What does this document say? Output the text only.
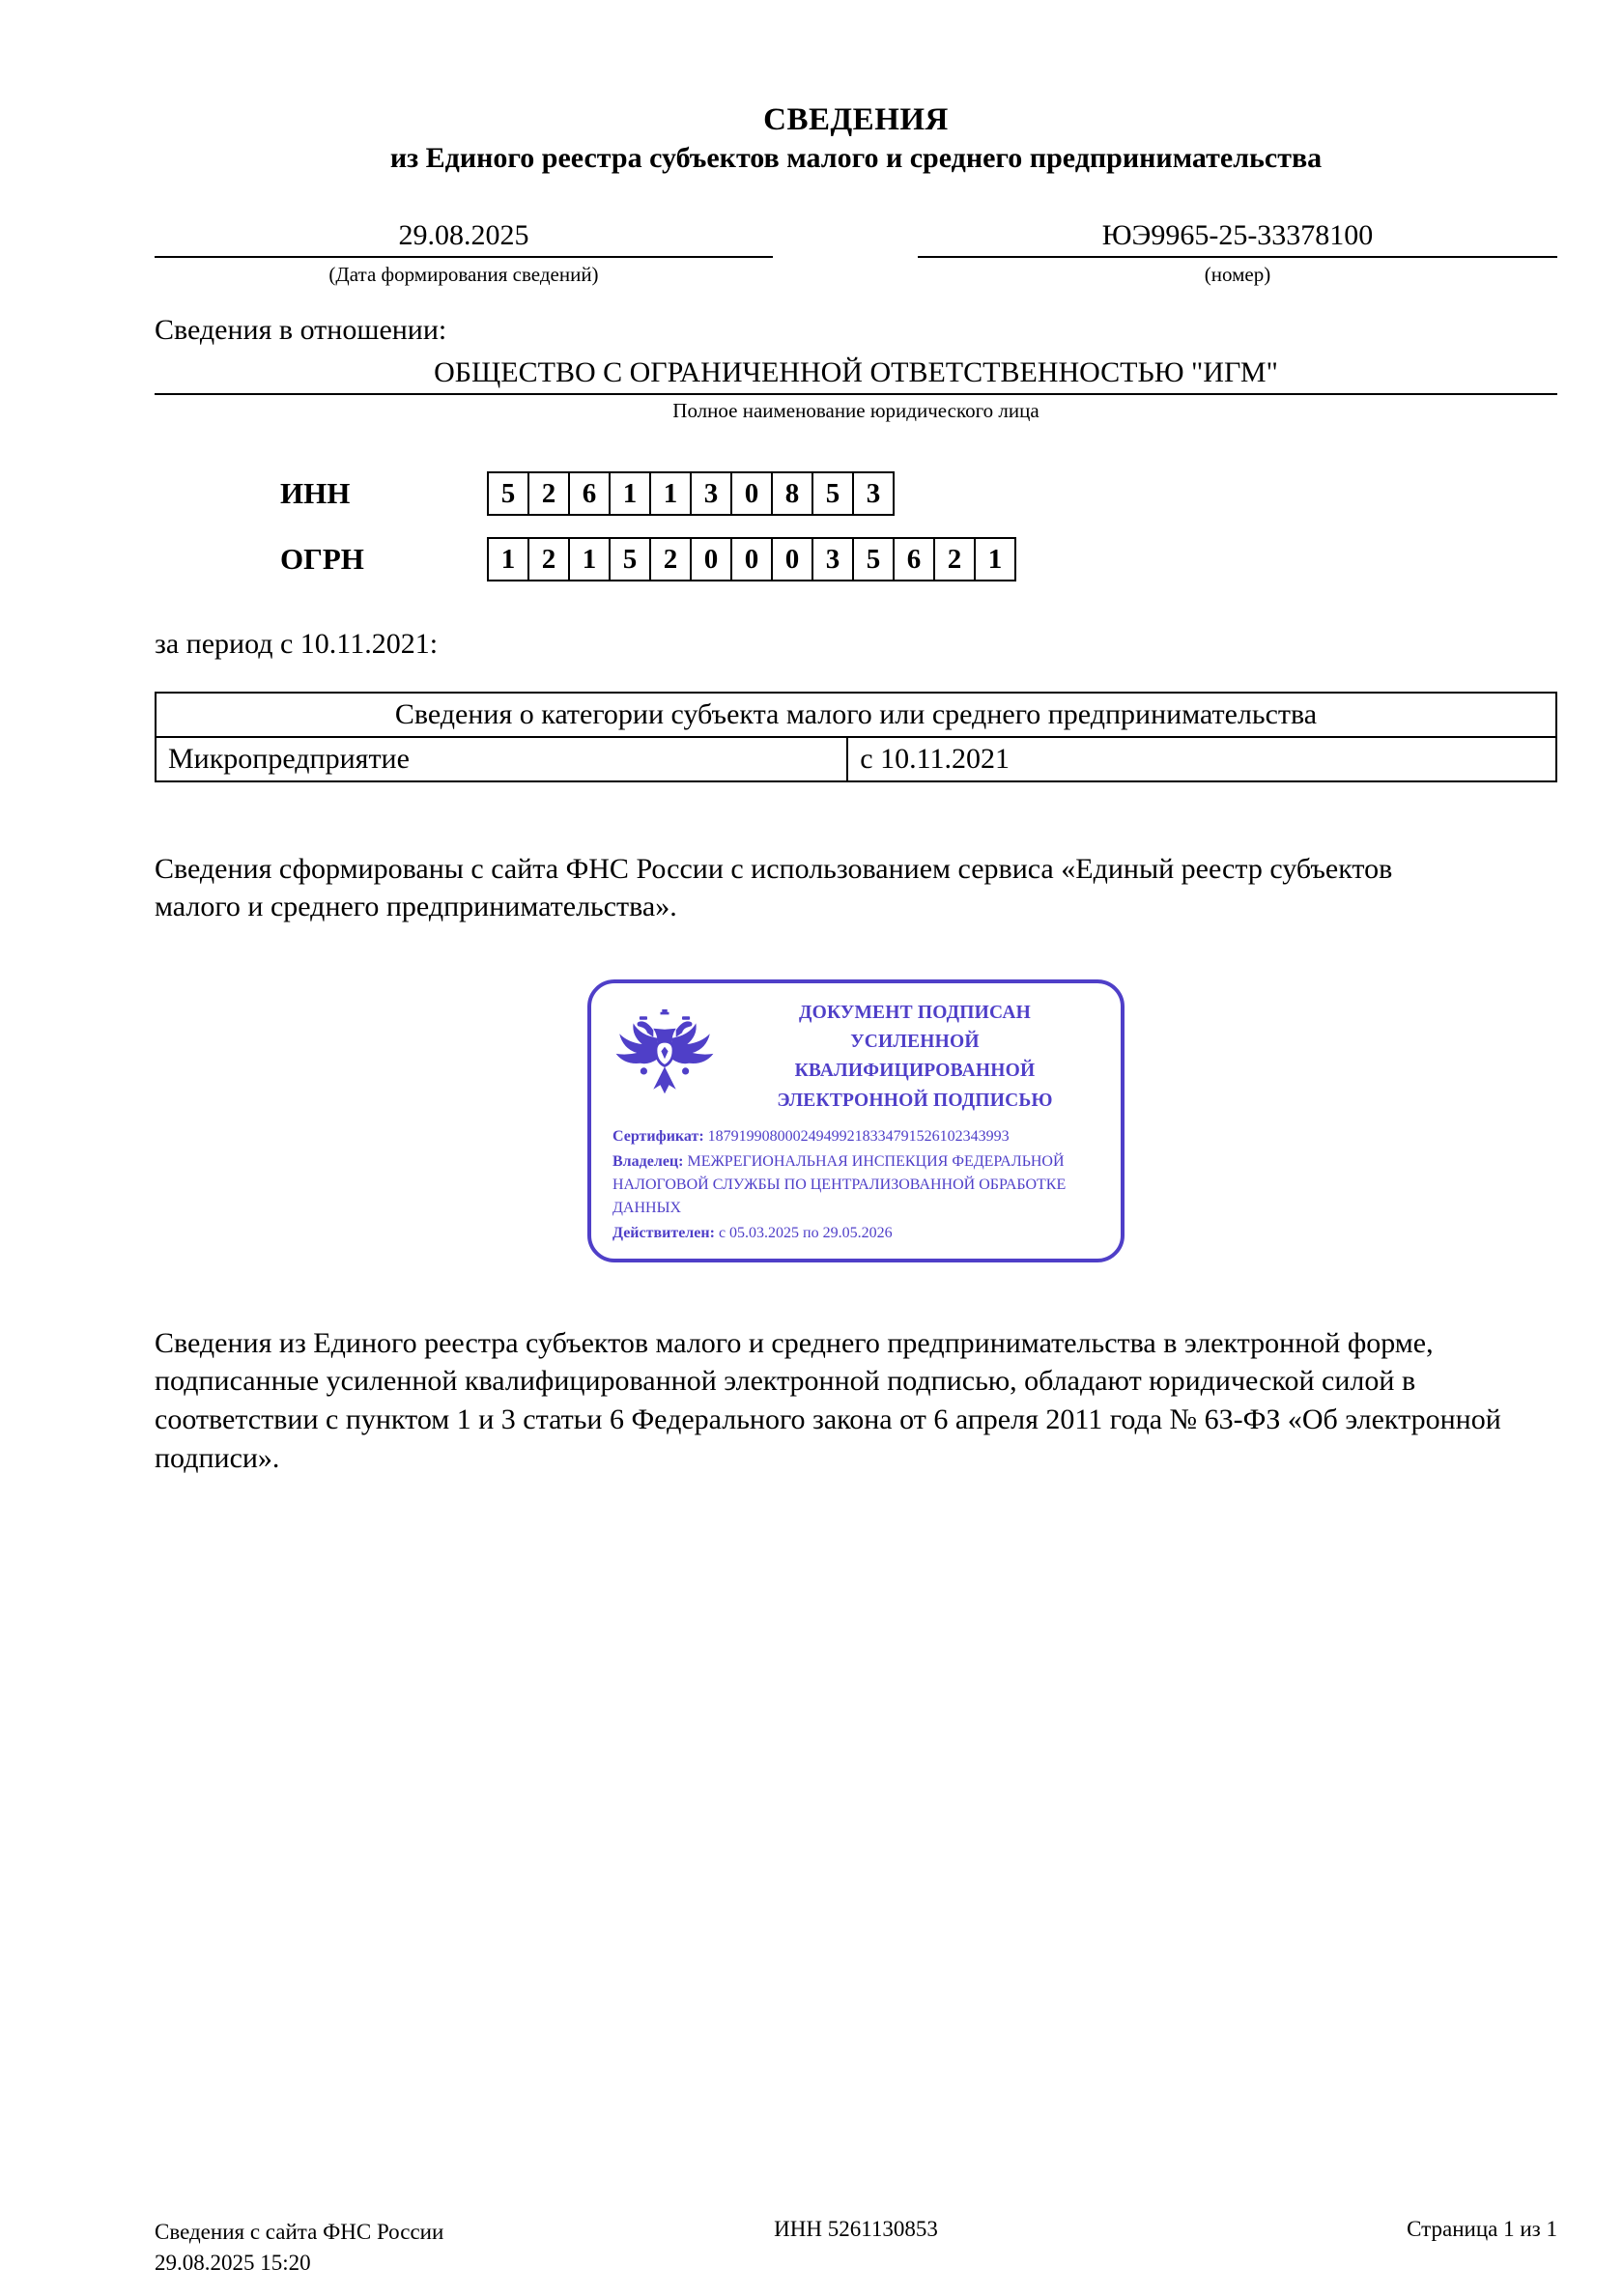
СВЕДЕНИЯ
из Единого реестра субъектов малого и среднего предпринимательства
29.08.2025
(Дата формирования сведений)
ЮЭ9965-25-33378100
(номер)
Сведения в отношении:
ОБЩЕСТВО С ОГРАНИЧЕННОЙ ОТВЕТСТВЕННОСТЬЮ "ИГМ"
Полное наименование юридического лица
ИНН	5 2 6 1 1 3 0 8 5 3
ОГРН	1 2 1 5 2 0 0 0 3 5 6 2 1
за период с 10.11.2021:
Сведения о категории субъекта малого или среднего предпринимательства
Микропредприятие	с 10.11.2021
Сведения сформированы с сайта ФНС России с использованием сервиса «Единый реестр субъектов малого и среднего предпринимательства».
ДОКУМЕНТ ПОДПИСАН
УСИЛЕННОЙ КВАЛИФИЦИРОВАННОЙ
ЭЛЕКТРОННОЙ ПОДПИСЬЮ
Сертификат: 187919908000249499218334791526102343993
Владелец: МЕЖРЕГИОНАЛЬНАЯ ИНСПЕКЦИЯ ФЕДЕРАЛЬНОЙ НАЛОГОВОЙ СЛУЖБЫ ПО ЦЕНТРАЛИЗОВАННОЙ ОБРАБОТКЕ ДАННЫХ
Действителен: с 05.03.2025 по 29.05.2026
Сведения из Единого реестра субъектов малого и среднего предпринимательства в электронной форме, подписанные усиленной квалифицированной электронной подписью, обладают юридической силой в соответствии с пунктом 1 и 3 статьи 6 Федерального закона от 6 апреля 2011 года № 63-ФЗ «Об электронной подписи».
Сведения с сайта ФНС России
29.08.2025 15:20
ИНН 5261130853	Страница 1 из 1
